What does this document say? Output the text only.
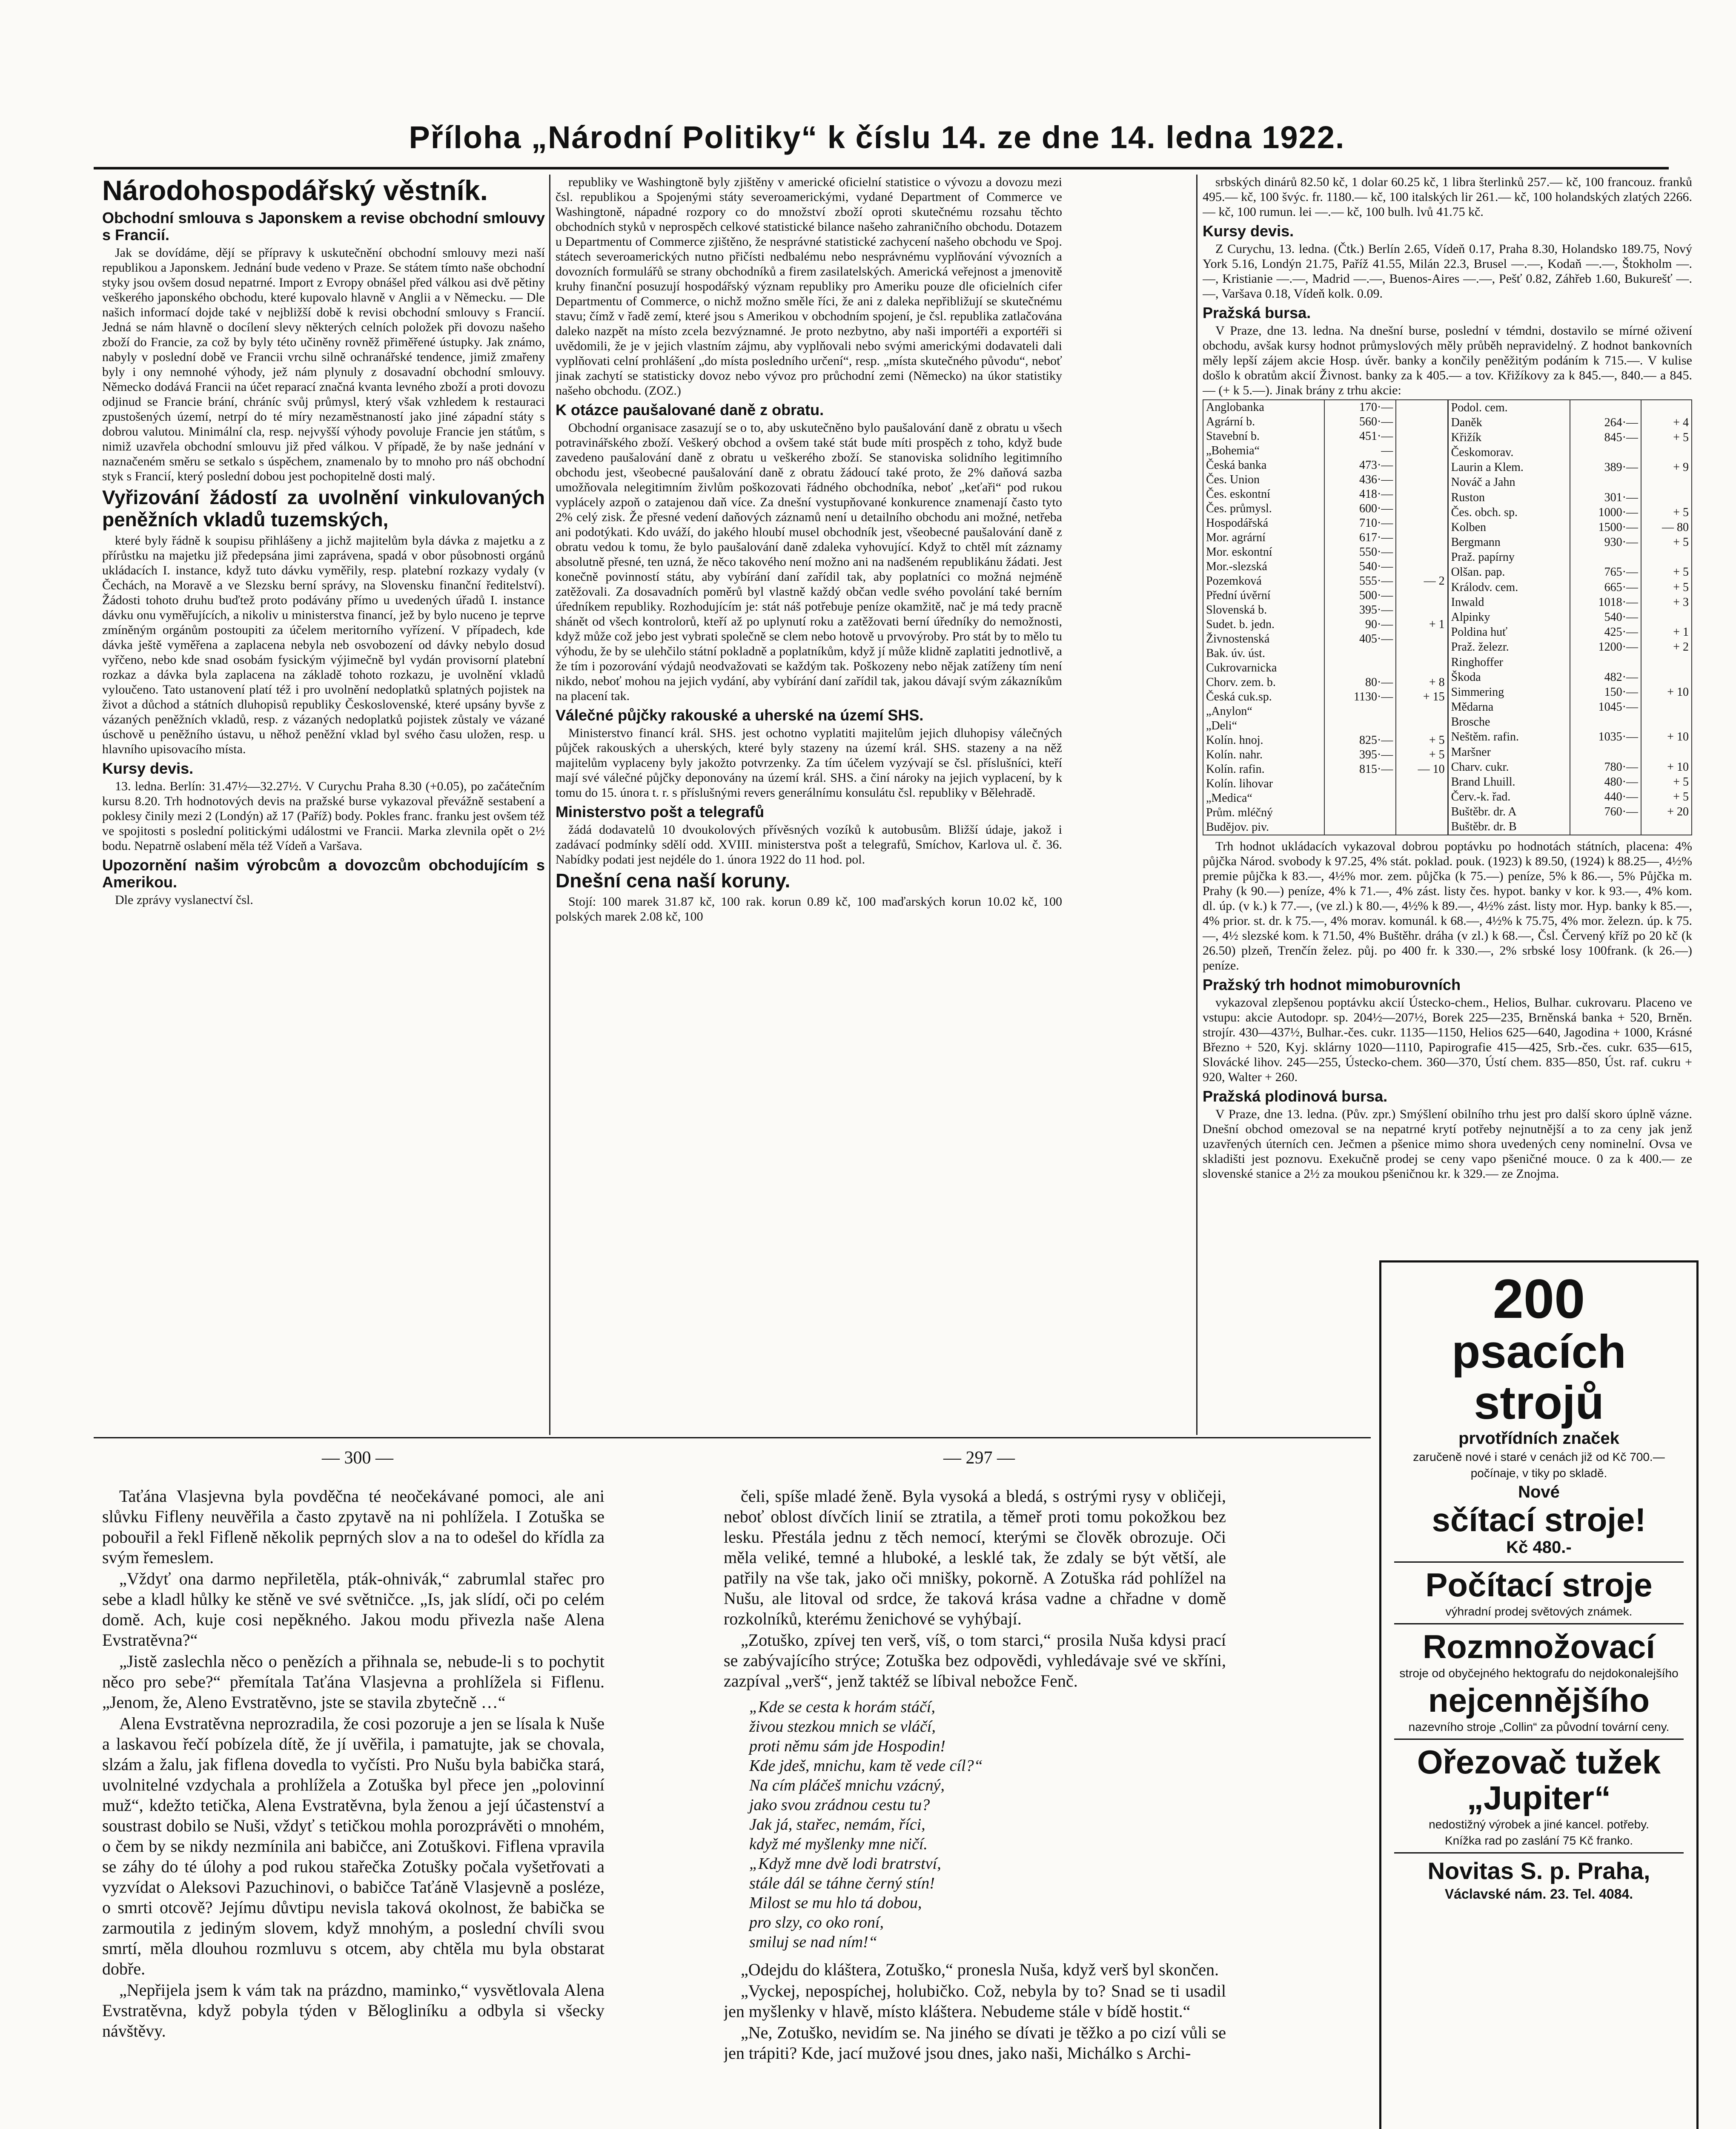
Příloha „Národní Politiky“ k číslu 14. ze dne 14. ledna 1922.
Národohospodářský věstník.
Obchodní smlouva s Japonskem a revise obchodní smlouvy s Francií.

Jak se dovídáme, dějí se přípravy k uskutečnění obchodní smlouvy mezi naší republikou a Japonskem. Jednání bude vedeno v Praze. Se státem tímto naše obchodní styky jsou ovšem dosud nepatrné. Import z Evropy obnášel před válkou asi dvě pětiny veškerého japonského obchodu, které kupovalo hlavně v Anglii a v Německu. — Dle našich informací dojde také v nejbližší době k revisi obchodní smlouvy s Francií. Jedná se nám hlavně o docílení slevy některých celních položek při dovozu našeho zboží do Francie, za což by byly této učiněny rovněž přiměřené ústupky. Jak známo, nabyly v poslední době ve Francii vrchu silně ochranářské tendence, jimiž zmařeny byly i ony nemnohé výhody, jež nám plynuly z dosavadní obchodní smlouvy. Německo dodává Francii na účet reparací značná kvanta levného zboží a proti dovozu odjinud se Francie brání, chráníc svůj průmysl, který však vzhledem k restauraci zpustošených území, netrpí do té míry nezaměstnaností jako jiné západní státy s dobrou valutou. Minimální cla, resp. nejvyšší výhody povoluje Francie jen státům, s nimiž uzavřela obchodní smlouvu již před válkou. V případě, že by naše jednání v naznačeném směru se setkalo s úspěchem, znamenalo by to mnoho pro náš obchodní styk s Francií, který poslední dobou jest pochopitelně dosti malý.

Vyřizování žádostí za uvolnění vinkulovaných peněžních vkladů tuzemských,

které byly řádně k soupisu přihlášeny a jichž majitelům byla dávka z majetku a z přírůstku na majetku již předepsána jimi zaprávena, spadá v obor působnosti orgánů ukládacích I. instance, když tuto dávku vyměřily, resp. platební rozkazy vydaly (v Čechách, na Moravě a ve Slezsku berní správy, na Slovensku finanční ředitelství). Žádosti tohoto druhu buďtež proto podávány přímo u uvedených úřadů I. instance dávku onu vyměřujících, a nikoliv u ministerstva financí, jež by bylo nuceno je teprve zmíněným orgánům postoupiti za účelem meritorního vyřízení. V případech, kde dávka ještě vyměřena a zaplacena nebyla neb osvobození od dávky nebylo dosud vyřčeno, nebo kde snad osobám fysickým výjimečně byl vydán provisorní platební rozkaz a dávka byla zaplacena na základě tohoto rozkazu, je uvolnění vkladů vyloučeno. Tato ustanovení platí též i pro uvolnění nedoplatků splatných pojistek na život a důchod a státních dluhopisů republiky Československé, které upsány byvše z vázaných peněžních vkladů, resp. z vázaných nedoplatků pojistek zůstaly ve vázané úschově u peněžního ústavu, u něhož peněžní vklad byl svého času uložen, resp. u hlavního upisovacího místa.

Kursy devis.

13. ledna. Berlín: 31.47½—32.27½. V Curychu Praha 8.30 (+0.05), po začátečním kursu 8.20. Trh hodnotových devis na pražské burse vykazoval převážně sestabení a poklesy činily mezi 2 (Londýn) až 17 (Paříž) body. Pokles franc. franku jest ovšem též ve spojitosti s poslední politickými událostmi ve Francii. Marka zlevnila opět o 2½ bodu. Nepatrně oslabení měla též Vídeň a Varšava.

Upozornění našim výrobcům a dovozcům obchodujícím s Amerikou.

Dle zprávy vyslanectví čsl.

republiky ve Washingtoně byly zjištěny v americké oficielní statistice o vývozu a dovozu mezi čsl. republikou a Spojenými státy severoamerickými, vydané Department of Commerce ve Washingtoně, nápadné rozpory co do množství zboží oproti skutečnému rozsahu těchto obchodních styků v neprospěch celkové statistické bilance našeho zahraničního obchodu. Dotazem u Departmentu of Commerce zjištěno, že nesprávné statistické zachycení našeho obchodu ve Spoj. státech severoamerických nutno přičísti nedbalému nebo nesprávnému vyplňování vývozních a dovozních formulářů se strany obchodníků a firem zasilatelských. Americká veřejnost a jmenovitě kruhy finanční posuzují hospodářský význam republiky pro Ameriku pouze dle oficielních cifer Departmentu of Commerce, o nichž možno směle říci, že ani z daleka nepřibližují se skutečnému stavu; čímž v řadě zemí, které jsou s Amerikou v obchodním spojení, je čsl. republika zatlačována daleko nazpět na místo zcela bezvýznamné. Je proto nezbytno, aby naši importéři a exportéři si uvědomili, že je v jejich vlastním zájmu, aby vyplňovali nebo svými americkými dodavateli dali vyplňovati celní prohlášení „do místa posledního určení“, resp. „místa skutečného původu“, neboť jinak zachytí se statisticky dovoz nebo vývoz pro průchodní zemi (Německo) na úkor statistiky našeho obchodu. (ZOZ.)

K otázce paušalované daně z obratu.

Obchodní organisace zasazují se o to, aby uskutečněno bylo paušalování daně z obratu u všech potravinářského zboží. Veškerý obchod a ovšem také stát bude míti prospěch z toho, když bude zavedeno paušalování daně z obratu u veškerého zboží. Se stanoviska solidního legitimního obchodu jest, všeobecné paušalování daně z obratu žádoucí také proto, že 2% daňová sazba umožňovala nelegitimním živlům poškozovati řádného obchodníka, neboť „keťaři“ pod rukou vyplácely azpoň o zatajenou daň více. Za dnešní vystupňované konkurence znamenají často tyto 2% celý zisk. Že přesné vedení daňových záznamů není u detailního obchodu ani možné, netřeba ani podotýkati. Kdo uváží, do jakého hloubí musel obchodník jest, všeobecné paušalování daně z obratu vedou k tomu, že bylo paušalování daně zdaleka vyhovující. Když to chtěl mít záznamy absolutně přesné, ten uzná, že něco takového není možno ani na nadšeném republikánu žádati. Jest konečně povinností státu, aby vybírání daní zařídil tak, aby poplatníci co možná nejméně zatěžovali. Za dosavadních poměrů byl vlastně každý občan vedle svého povolání také berním úředníkem republiky. Rozhodujícím je: stát náš potřebuje peníze okamžitě, nač je má tedy pracně shánět od všech kontrolorů, kteří až po uplynutí roku a zatěžovati berní úředníky do nemožnosti, když může což jebo jest vybrati společně se clem nebo hotově u prvovýroby. Pro stát by to mělo tu výhodu, že by se ulehčilo státní pokladně a poplatníkům, když jí může klidně zaplatiti jednotlivě, a že tím i pozorování výdajů neodvažovati se každým tak. Poškozeny nebo nějak zatíženy tím není nikdo, neboť mohou na jejich vydání, aby vybírání daní zařídil tak, jakou dávají svým zákazníkům na placení tak.

Válečné půjčky rakouské a uherské na území SHS.

Ministerstvo financí král. SHS. jest ochotno vyplatiti majitelům jejich dluhopisy válečných půjček rakouských a uherských, které byly stazeny na území král. SHS. stazeny a na něž majitelům vyplaceny byly jakožto potvrzenky. Za tím účelem vyzývají se čsl. příslušníci, kteří mají své válečné půjčky deponovány na území král. SHS. a činí nároky na jejich vyplacení, by k tomu do 15. února t. r. s příslušnými revers generálnímu konsulátu čsl. republiky v Bělehradě.

Ministerstvo pošt a telegrafů

žádá dodavatelů 10 dvoukolových přívěsných vozíků k autobusům. Bližší údaje, jakož i zadávací podmínky sdělí odd. XVIII. ministerstva pošt a telegrafů, Smíchov, Karlova ul. č. 36. Nabídky podati jest nejdéle do 1. února 1922 do 11 hod. pol.

Dnešní cena naší koruny.

Stojí: 100 marek 31.87 kč, 100 rak. korun 0.89 kč, 100 maďarských korun 10.02 kč, 100 polských marek 2.08 kč, 100

srbských dinárů 82.50 kč, 1 dolar 60.25 kč, 1 libra šterlinků 257.— kč, 100 francouz. franků 495.— kč, 100 švýc. fr. 1180.— kč, 100 italských lir 261.— kč, 100 holandských zlatých 2266.— kč, 100 rumun. lei —.— kč, 100 bulh. lvů 41.75 kč.

Kursy devis.

Z Curychu, 13. ledna. (Čtk.) Berlín 2.65, Vídeň 0.17, Praha 8.30, Holandsko 189.75, Nový York 5.16, Londýn 21.75, Paříž 41.55, Milán 22.3, Brusel —.—, Kodaň —.—, Štokholm —.—, Kristianie —.—, Madrid —.—, Buenos-Aires —.—, Pešť 0.82, Záhřeb 1.60, Bukurešť —.—, Varšava 0.18, Vídeň kolk. 0.09.

Pražská bursa.

V Praze, dne 13. ledna. Na dnešní burse, poslední v témdni, dostavilo se mírné oživení obchodu, avšak kursy hodnot průmyslových měly průběh nepravidelný. Z hodnot bankovních měly lepší zájem akcie Hosp. úvěr. banky a končily peněžitým podáním k 715.—. V kulise došlo k obratům akcií Živnost. banky za k 405.— a tov. Křižíkovy za k 845.—, 840.— a 845.— (+ k 5.—). Jinak brány z trhu akcie:

Anglobanka	170·—	
Agrární b.	560·—	
Stavební b.	451·—	
„Bohemia“	—	
Česká banka	473·—	
Čes. Union	436·—	
Čes. eskontní	418·—	
Čes. průmysl.	600·—	
Hospodářská	710·—	
Mor. agrární	617·—	
Mor. eskontní	550·—	
Mor.-slezská	540·—	
Pozemková	555·—	— 2
Přední úvěrní	500·—	
Slovenská b.	395·—	
Sudet. b. jedn.	90·—	+ 1
Živnostenská	405·—	
Bak. úv. úst.		
Cukrovarnicka		
Chorv. zem. b.	80·—	+ 8
Česká cuk.sp.	1130·—	+ 15
„Anylon“		
„Deli“		
Kolín. hnoj.	825·—	+ 5
Kolín. nahr.	395·—	+ 5
Kolín. rafin.	815·—	— 10
Kolín. lihovar		
„Medica“		
Prům. mléčný		
Budějov. piv.		
Podol. cem.		
Daněk	264·—	+ 4
Křižík	845·—	+ 5
Českomorav.		
Laurin a Klem.	389·—	+ 9
Nováč a Jahn		
Ruston	301·—	
Čes. obch. sp.	1000·—	+ 5
Kolben	1500·—	— 80
Bergmann	930·—	+ 5
Praž. papírny		
Olšan. pap.	765·—	+ 5
Králodv. cem.	665·—	+ 5
Inwald	1018·—	+ 3
Alpinky	540·—	
Poldina huť	425·—	+ 1
Praž. železr.	1200·—	+ 2
Ringhoffer		
Škoda	482·—	
Simmering	150·—	+ 10
Mědarna	1045·—	
Brosche		
Neštěm. rafin.	1035·—	+ 10
Maršner		
Charv. cukr.	780·—	+ 10
Brand Lhuill.	480·—	+ 5
Červ.-k. řad.	440·—	+ 5
Buštěbr. dr. A	760·—	+ 20
Buštěbr. dr. B		

Trh hodnot ukládacích vykazoval dobrou poptávku po hodnotách státních, placena: 4% půjčka Národ. svobody k 97.25, 4% stát. poklad. pouk. (1923) k 89.50, (1924) k 88.25—, 4½% premie půjčka k 83.—, 4½% mor. zem. půjčka (k 75.—) peníze, 5% k 86.—, 5% Půjčka m. Prahy (k 90.—) peníze, 4% k 71.—, 4% zást. listy čes. hypot. banky v kor. k 93.—, 4% kom. dl. úp. (v k.) k 77.—, (ve zl.) k 80.—, 4½% k 89.—, 4½% zást. listy mor. Hyp. banky k 85.—, 4% prior. st. dr. k 75.—, 4% morav. komunál. k 68.—, 4½% k 75.75, 4% mor. železn. úp. k 75.—, 4½ slezské kom. k 71.50, 4% Buštěhr. dráha (v zl.) k 68.—, Čsl. Červený kříž po 20 kč (k 26.50) plzeň, Trenčín želez. půj. po 400 fr. k 330.—, 2% srbské losy 100frank. (k 26.—) peníze.

Pražský trh hodnot mimoburovních

vykazoval zlepšenou poptávku akcií Ústecko-chem., Helios, Bulhar. cukrovaru. Placeno ve vstupu: akcie Autodopr. sp. 204½—207½, Borek 225—235, Brněnská banka + 520, Brněn. strojír. 430—437½, Bulhar.-čes. cukr. 1135—1150, Helios 625—640, Jagodina + 1000, Krásné Březno + 520, Kyj. sklárny 1020—1110, Papirografie 415—425, Srb.-čes. cukr. 635—615, Slovácké lihov. 245—255, Ústecko-chem. 360—370, Ústí chem. 835—850, Úst. raf. cukru + 920, Walter + 260.

Pražská plodinová bursa.

V Praze, dne 13. ledna. (Pův. zpr.) Smýšlení obilního trhu jest pro další skoro úplně vázne. Dnešní obchod omezoval se na nepatrné krytí potřeby nejnutnější a to za ceny jak jenž uzavřených úterních cen. Ječmen a pšenice mimo shora uvedených ceny nominelní. Ovsa ve skladišti jest poznovu. Exekučně prodej se ceny vapo pšeničné mouce. 0 za k 400.— ze slovenské stanice a 2½ za moukou pšeničnou kr. k 329.— ze Znojma.

— 300 —

Taťána Vlasjevna byla povděčna té neočekávané pomoci, ale ani slůvku Fifleny neuvěřila a často zpytavě na ni pohlížela. I Zotuška se pobouřil a řekl Fifleně několik peprných slov a na to odešel do křídla za svým řemeslem.

„Vždyť ona darmo nepřiletěla, pták-ohnivák,“ zabrumlal stařec pro sebe a kladl hůlky ke stěně ve své světničce. „Is, jak slídí, oči po celém domě. Ach, kuje cosi nepěkného. Jakou modu přivezla naše Alena Evstratěvna?“

„Jistě zaslechla něco o penězích a přihnala se, nebude-li s to pochytit něco pro sebe?“ přemítala Taťána Vlasjevna a prohlížela si Fiflenu. „Jenom, že, Aleno Evstratěvno, jste se stavila zbytečně …“

Alena Evstratěvna neprozradila, že cosi pozoruje a jen se lísala k Nuše a laskavou řečí pobízela dítě, že jí uvěřila, i pamatujte, jak se chovala, slzám a žalu, jak fiflena dovedla to vyčísti. Pro Nušu byla babička stará, uvolnitelné vzdychala a prohlížela a Zotuška byl přece jen „polovinní muž“, kdežto tetička, Alena Evstratěvna, byla ženou a její účastenství a soustrast dobilo se Nuši, vždyť s tetičkou mohla porozprávěti o mnohém, o čem by se nikdy nezmínila ani babičce, ani Zotuškovi. Fiflena vpravila se záhy do té úlohy a pod rukou stařečka Zotušky počala vyšetřovati a vyzvídat o Aleksovi Pazuchinovi, o babičce Taťáně Vlasjevně a posléze, o smrti otcově? Jejímu důvtipu nevisla taková okolnost, že babička se zarmoutila z jediným slovem, když mnohým, a poslední chvíli svou smrtí, měla dlouhou rozmluvu s otcem, aby chtěla mu byla obstarat dobře.

„Nepřijela jsem k vám tak na prázdno, maminko,“ vysvětlovala Alena Evstratěvna, když pobyla týden v Bělogliníku a odbyla si všecky návštěvy.

— 297 —

čeli, spíše mladé ženě. Byla vysoká a bledá, s ostrými rysy v obličeji, neboť oblost dívčích linií se ztratila, a těmeř proti tomu pokožkou bez lesku. Přestála jednu z těch nemocí, kterými se člověk obrozuje. Oči měla veliké, temné a hluboké, a lesklé tak, že zdaly se být větší, ale patřily na vše tak, jako oči mnišky, pokorně. A Zotuška rád pohlížel na Nušu, ale litoval od srdce, že taková krása vadne a chřadne v domě rozkolníků, kterému ženichové se vyhýbají.

„Zotuško, zpívej ten verš, víš, o tom starci,“ prosila Nuša kdysi prací se zabývajícího strýce; Zotuška bez odpovědi, vyhledávaje své ve skříni, zazpíval „verš“, jenž taktéž se líbival nebožce Fenč.

„Kde se cesta k horám stáčí,
živou stezkou mnich se vláčí,
proti němu sám jde Hospodin!
Kde jdeš, mnichu, kam tě vede cíl?“
Na cím pláčeš mnichu vzácný,
jako svou zrádnou cestu tu?
Jak já, stařec, nemám, říci,
když mé myšlenky mne ničí.
„Když mne dvě lodi bratrství,
stále dál se táhne černý stín!
Milost se mu hlo tá dobou,
pro slzy, co oko roní,
smiluj se nad ním!“

„Odejdu do kláštera, Zotuško,“ pronesla Nuša, když verš byl skončen.

„Vyckej, nepospíchej, holubičko. Což, nebyla by to? Snad se ti usadil jen myšlenky v hlavě, místo kláštera. Nebudeme stále v bídě hostit.“

„Ne, Zotuško, nevidím se. Na jiného se dívati je těžko a po cizí vůli se jen trápiti? Kde, jací mužové jsou dnes, jako naši, Michálko s Archi-

200
psacích
strojů
prvotřídních značek
zaručeně nové i staré v cenách již od Kč 700.—
počínaje, v tiky po skladě.
Nové
sčítací stroje!
Kč 480.-
Počítací stroje
výhradní prodej světových známek.
Rozmnožovací
stroje od obyčejného hektografu do nejdokonalejšího
nejcennějšího
nazevního stroje „Collin“ za původní tovární ceny.
Ořezovač tužek
„Jupiter“
nedostižný výrobek a jiné kancel. potřeby.
Knížka rad po zaslání 75 Kč franko.
Novitas S. p. Praha,
Václavské nám. 23. Tel. 4084.
